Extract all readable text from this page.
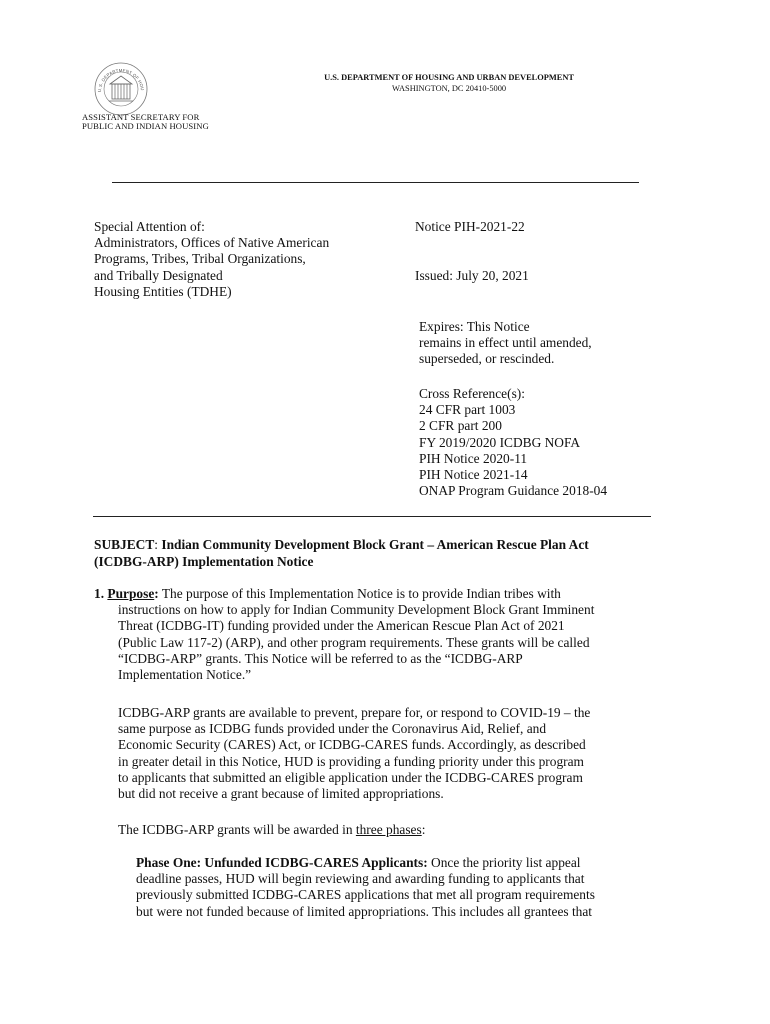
U.S. DEPARTMENT OF HOU
ASSISTANT SECRETARY FOR
PUBLIC AND INDIAN HOUSING
U.S. DEPARTMENT OF HOUSING AND URBAN DEVELOPMENT
WASHINGTON, DC 20410-5000
Special Attention of:
Administrators, Offices of Native American
Programs, Tribes, Tribal Organizations,
and Tribally Designated
Housing Entities (TDHE)
Notice PIH-2021-22
Issued: July 20, 2021
Expires: This Notice
remains in effect until amended,
superseded, or rescinded.
Cross Reference(s):
24 CFR part 1003
2 CFR part 200
FY 2019/2020 ICDBG NOFA
PIH Notice 2020-11
PIH Notice 2021-14
ONAP Program Guidance 2018-04
SUBJECT: Indian Community Development Block Grant – American Rescue Plan Act
(ICDBG-ARP) Implementation Notice
1. Purpose: The purpose of this Implementation Notice is to provide Indian tribes with
instructions on how to apply for Indian Community Development Block Grant Imminent
Threat (ICDBG-IT) funding provided under the American Rescue Plan Act of 2021
(Public Law 117-2) (ARP), and other program requirements. These grants will be called
“ICDBG-ARP” grants. This Notice will be referred to as the “ICDBG-ARP
Implementation Notice.”
ICDBG-ARP grants are available to prevent, prepare for, or respond to COVID-19 – the
same purpose as ICDBG funds provided under the Coronavirus Aid, Relief, and
Economic Security (CARES) Act, or ICDBG-CARES funds. Accordingly, as described
in greater detail in this Notice, HUD is providing a funding priority under this program
to applicants that submitted an eligible application under the ICDBG-CARES program
but did not receive a grant because of limited appropriations.
The ICDBG-ARP grants will be awarded in three phases:
Phase One: Unfunded ICDBG-CARES Applicants: Once the priority list appeal
deadline passes, HUD will begin reviewing and awarding funding to applicants that
previously submitted ICDBG-CARES applications that met all program requirements
but were not funded because of limited appropriations. This includes all grantees that
